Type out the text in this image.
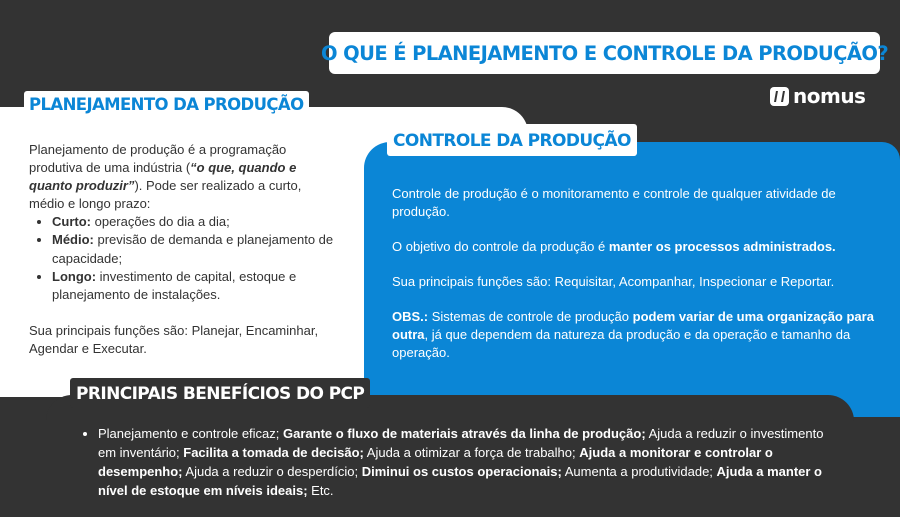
O QUE É PLANEJAMENTO E CONTROLE DA PRODUÇÃO?
nomus
PLANEJAMENTO DA PRODUÇÃO

Planejamento de produção é a programação produtiva de uma indústria (“o que, quando e quanto produzir”). Pode ser realizado a curto, médio e longo prazo:

• Curto: operações do dia a dia;
• Médio: previsão de demanda e planejamento de capacidade;
• Longo: investimento de capital, estoque e planejamento de instalações.

Sua principais funções são: Planejar, Encaminhar, Agendar e Executar.

CONTROLE DA PRODUÇÃO

Controle de produção é o monitoramento e controle de qualquer atividade de produção.

O objetivo do controle da produção é manter os processos administrados.

Sua principais funções são: Requisitar, Acompanhar, Inspecionar e Reportar.

OBS.: Sistemas de controle de produção podem variar de uma organização para outra, já que dependem da natureza da produção e da operação e tamanho da operação.

PRINCIPAIS BENEFÍCIOS DO PCP
• Planejamento e controle eficaz; Garante o fluxo de materiais através da linha de produção; Ajuda a reduzir o investimento em inventário; Facilita a tomada de decisão; Ajuda a otimizar a força de trabalho; Ajuda a monitorar e controlar o desempenho; Ajuda a reduzir o desperdício; Diminui os custos operacionais; Aumenta a produtividade; Ajuda a manter o nível de estoque em níveis ideais; Etc.
